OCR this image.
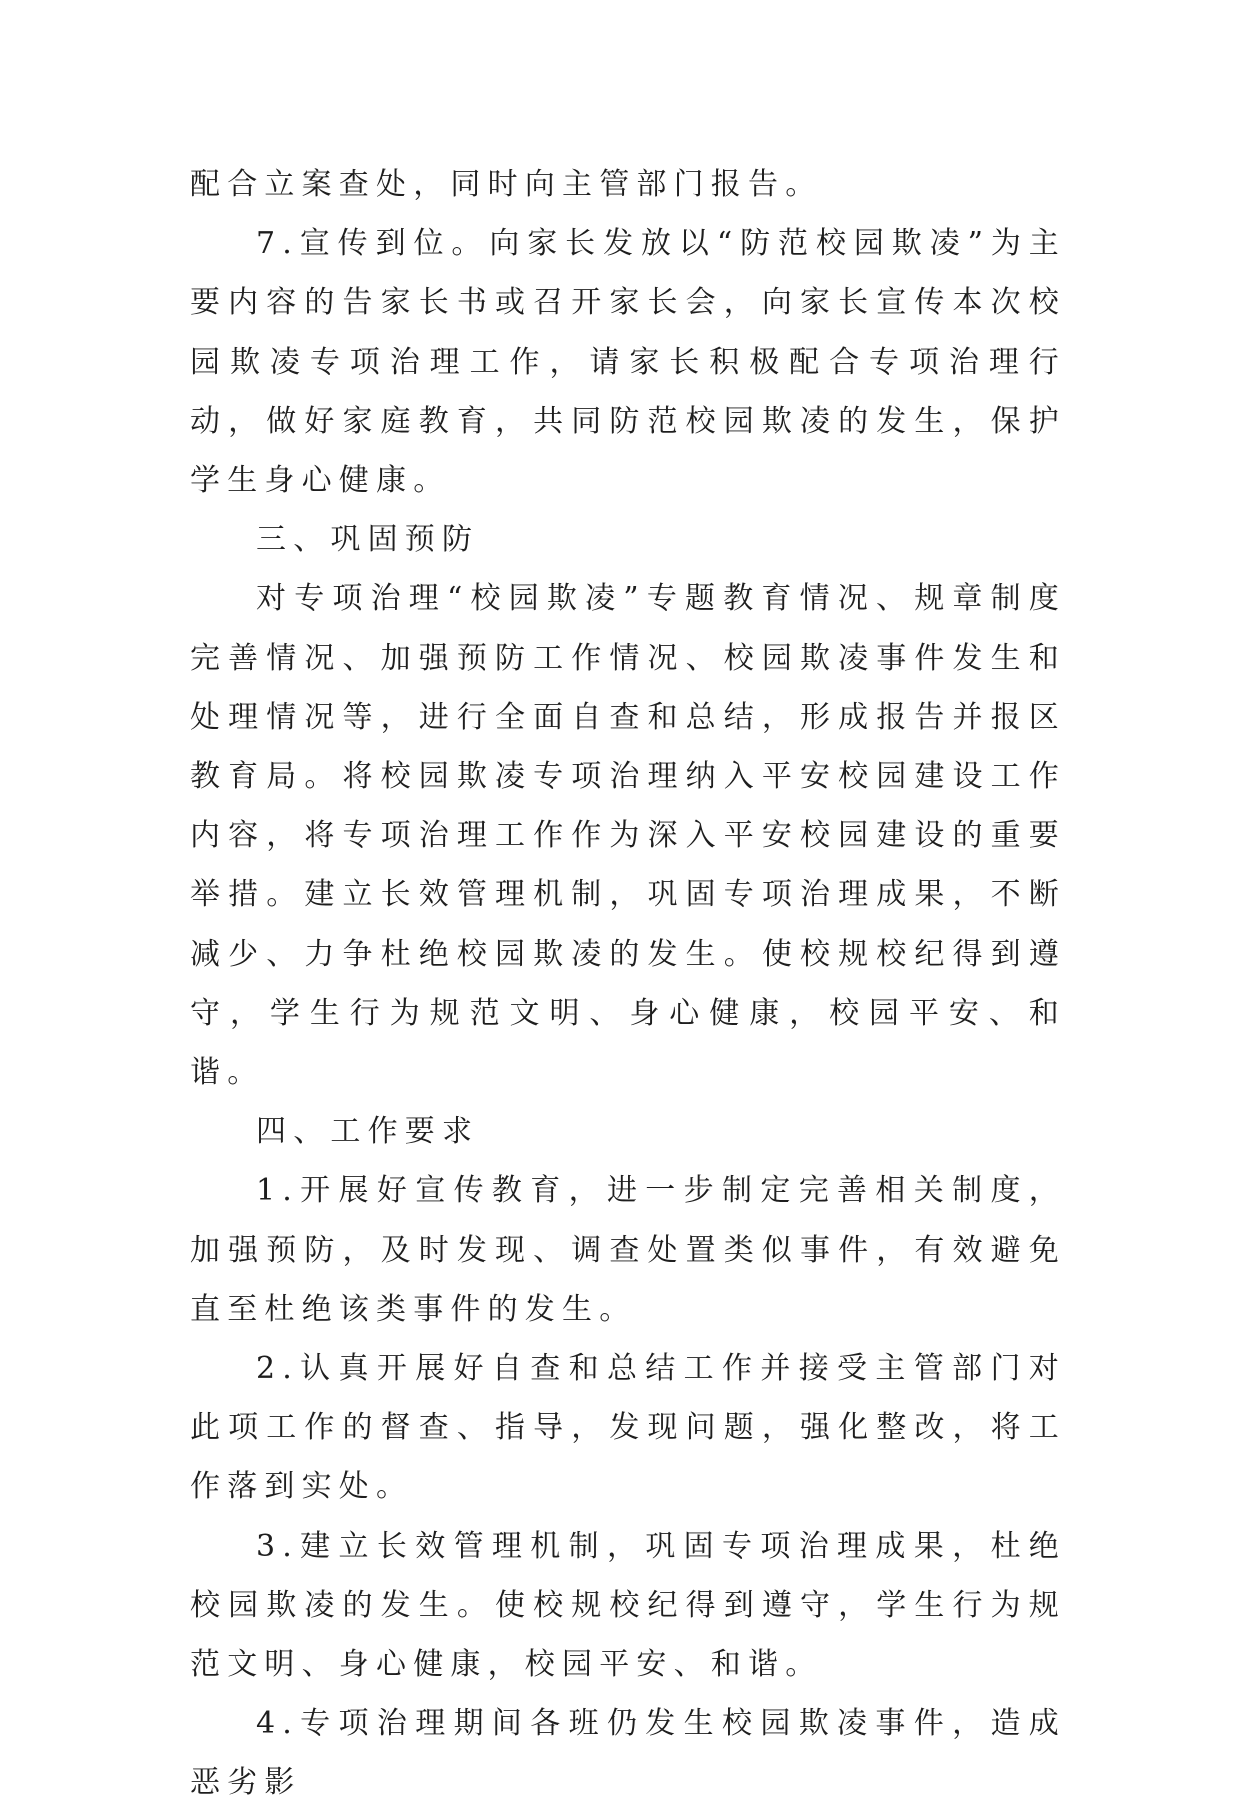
配合立案查处，同时向主管部门报告。

7.宣传到位。向家长发放以“防范校园欺凌”为主要内容的告家长书或召开家长会，向家长宣传本次校园欺凌专项治理工作，请家长积极配合专项治理行动，做好家庭教育，共同防范校园欺凌的发生，保护学生身心健康。

三、巩固预防

对专项治理“校园欺凌”专题教育情况、规章制度完善情况、加强预防工作情况、校园欺凌事件发生和处理情况等，进行全面自查和总结，形成报告并报区教育局。将校园欺凌专项治理纳入平安校园建设工作内容，将专项治理工作作为深入平安校园建设的重要举措。建立长效管理机制，巩固专项治理成果，不断减少、力争杜绝校园欺凌的发生。使校规校纪得到遵守，学生行为规范文明、身心健康，校园平安、和谐。

四、工作要求

1.开展好宣传教育，进一步制定完善相关制度，加强预防，及时发现、调查处置类似事件，有效避免直至杜绝该类事件的发生。

2.认真开展好自查和总结工作并接受主管部门对此项工作的督查、指导，发现问题，强化整改，将工作落到实处。

3.建立长效管理机制，巩固专项治理成果，杜绝校园欺凌的发生。使校规校纪得到遵守，学生行为规范文明、身心健康，校园平安、和谐。

4.专项治理期间各班仍发生校园欺凌事件，造成恶劣影
